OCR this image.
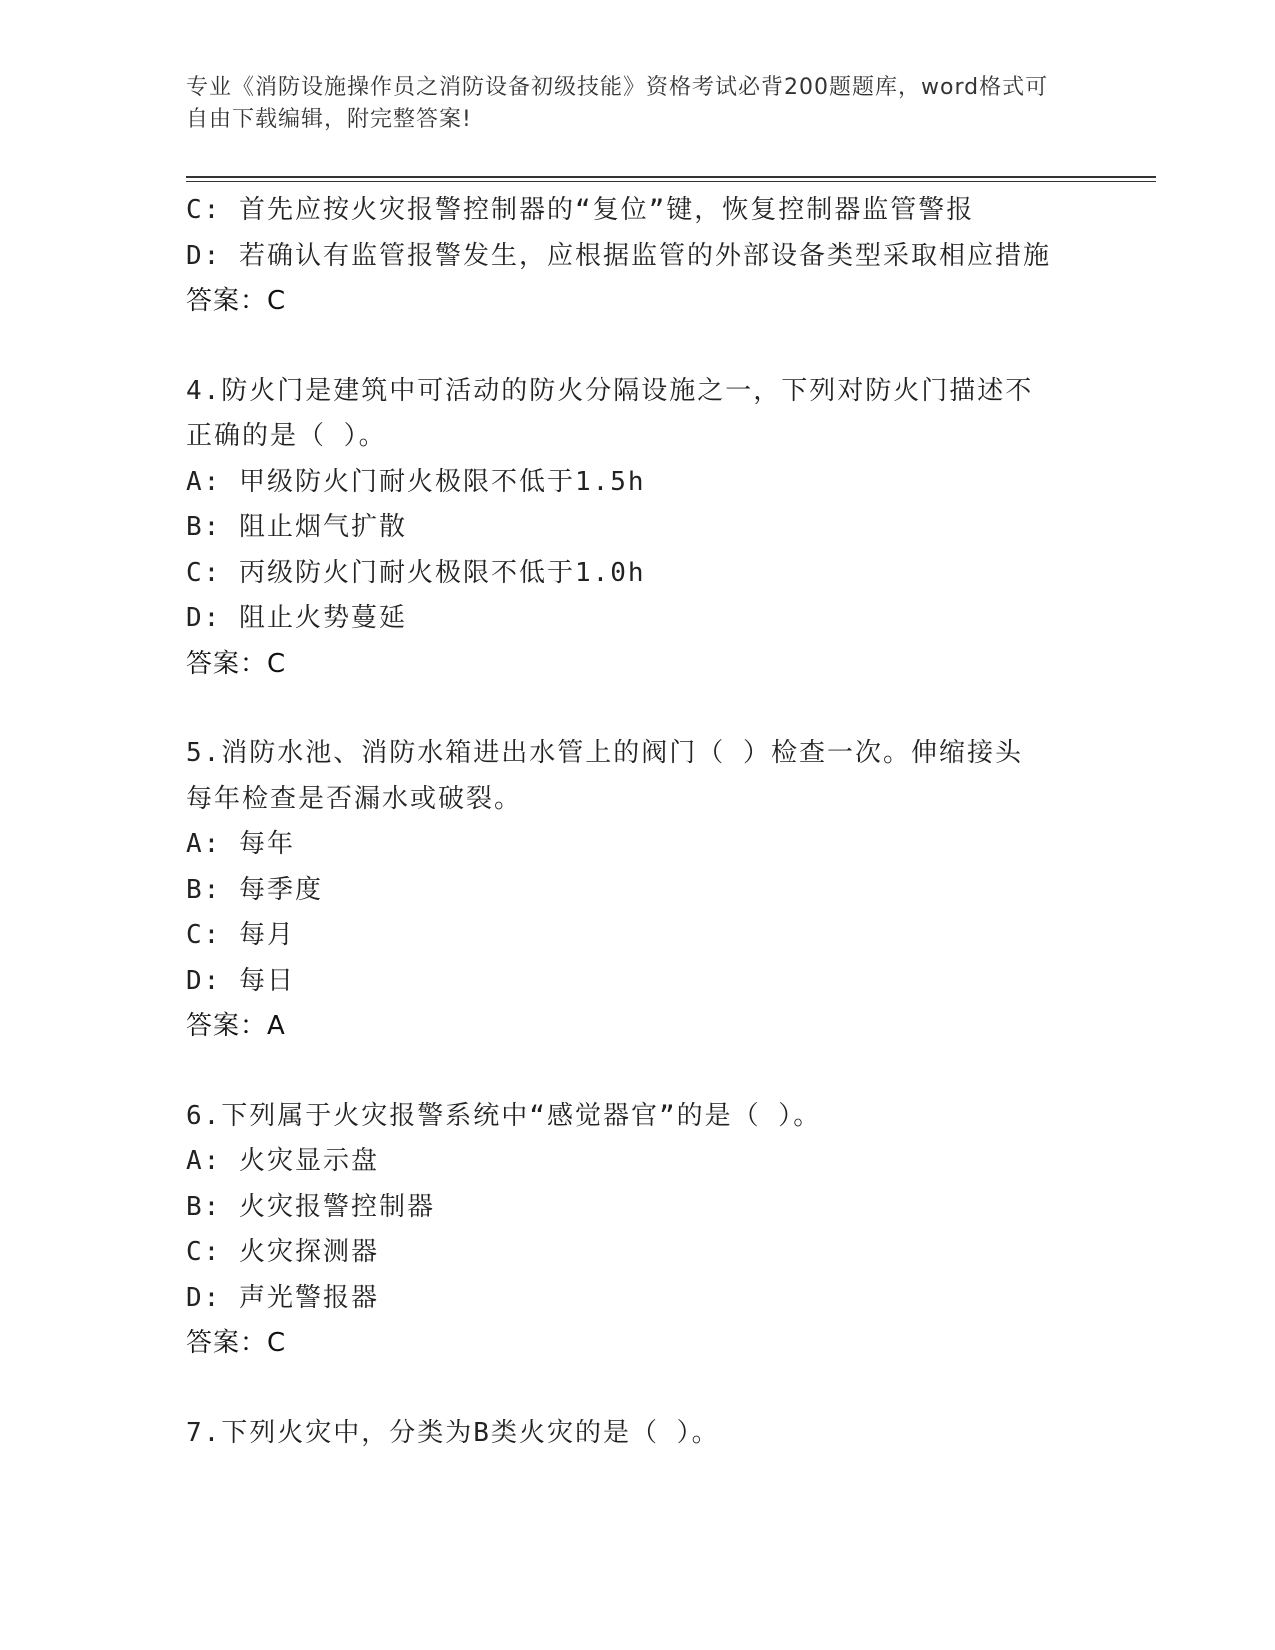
专业《消防设施操作员之消防设备初级技能》资格考试必背200题题库，word格式可自由下载编辑，附完整答案!
C: 首先应按火灾报警控制器的“复位”键，恢复控制器监管警报
D: 若确认有监管报警发生，应根据监管的外部设备类型采取相应措施
答案：C
4.防火门是建筑中可活动的防火分隔设施之一，下列对防火门描述不
正确的是（ ）。
A: 甲级防火门耐火极限不低于1.5h
B: 阻止烟气扩散
C: 丙级防火门耐火极限不低于1.0h
D: 阻止火势蔓延
答案：C
5.消防水池、消防水箱进出水管上的阀门（ ）检查一次。伸缩接头
每年检查是否漏水或破裂。
A: 每年
B: 每季度
C: 每月
D: 每日
答案：A
6.下列属于火灾报警系统中“感觉器官”的是（ ）。
A: 火灾显示盘
B: 火灾报警控制器
C: 火灾探测器
D: 声光警报器
答案：C
7.下列火灾中，分类为B类火灾的是（ ）。
